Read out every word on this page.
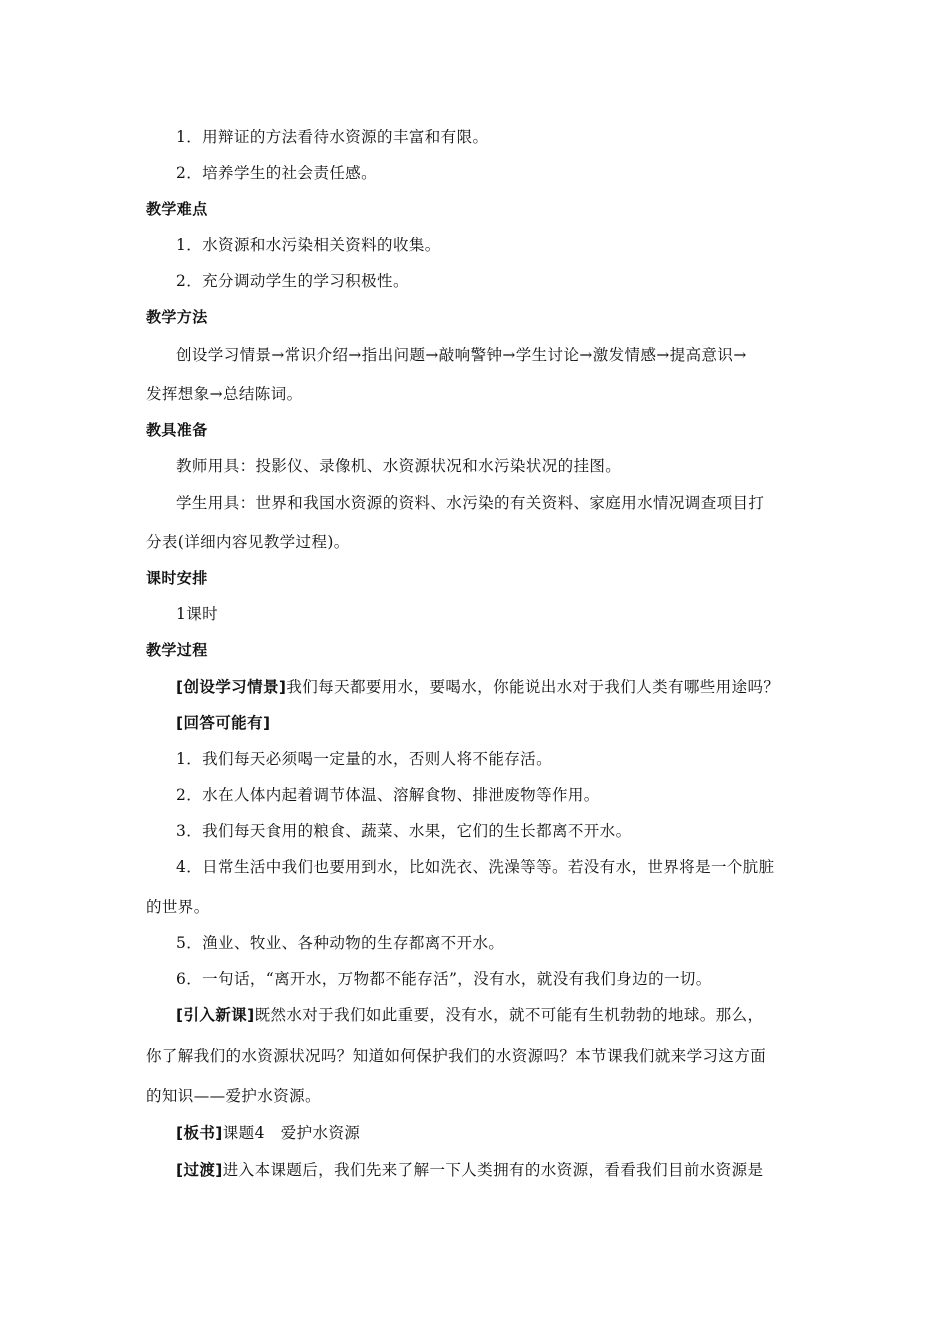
1．用辩证的方法看待水资源的丰富和有限。
2．培养学生的社会责任感。
教学难点
1．水资源和水污染相关资料的收集。
2．充分调动学生的学习积极性。
教学方法
创设学习情景→常识介绍→指出问题→敲响警钟→学生讨论→激发情感→提高意识→
发挥想象→总结陈词。
教具准备
教师用具：投影仪、录像机、水资源状况和水污染状况的挂图。
学生用具：世界和我国水资源的资料、水污染的有关资料、家庭用水情况调查项目打
分表(详细内容见教学过程)。
课时安排
1课时
教学过程
[创设学习情景]我们每天都要用水，要喝水，你能说出水对于我们人类有哪些用途吗？
[回答可能有]
1．我们每天必须喝一定量的水，否则人将不能存活。
2．水在人体内起着调节体温、溶解食物、排泄废物等作用。
3．我们每天食用的粮食、蔬菜、水果，它们的生长都离不开水。
4．日常生活中我们也要用到水，比如洗衣、洗澡等等。若没有水，世界将是一个肮脏
的世界。
5．渔业、牧业、各种动物的生存都离不开水。
6．一句话，“离开水，万物都不能存活”，没有水，就没有我们身边的一切。
[引入新课]既然水对于我们如此重要，没有水，就不可能有生机勃勃的地球。那么，
你了解我们的水资源状况吗？知道如何保护我们的水资源吗？本节课我们就来学习这方面
的知识——爱护水资源。
[板书]课题4　爱护水资源
[过渡]进入本课题后，我们先来了解一下人类拥有的水资源，看看我们目前水资源是
